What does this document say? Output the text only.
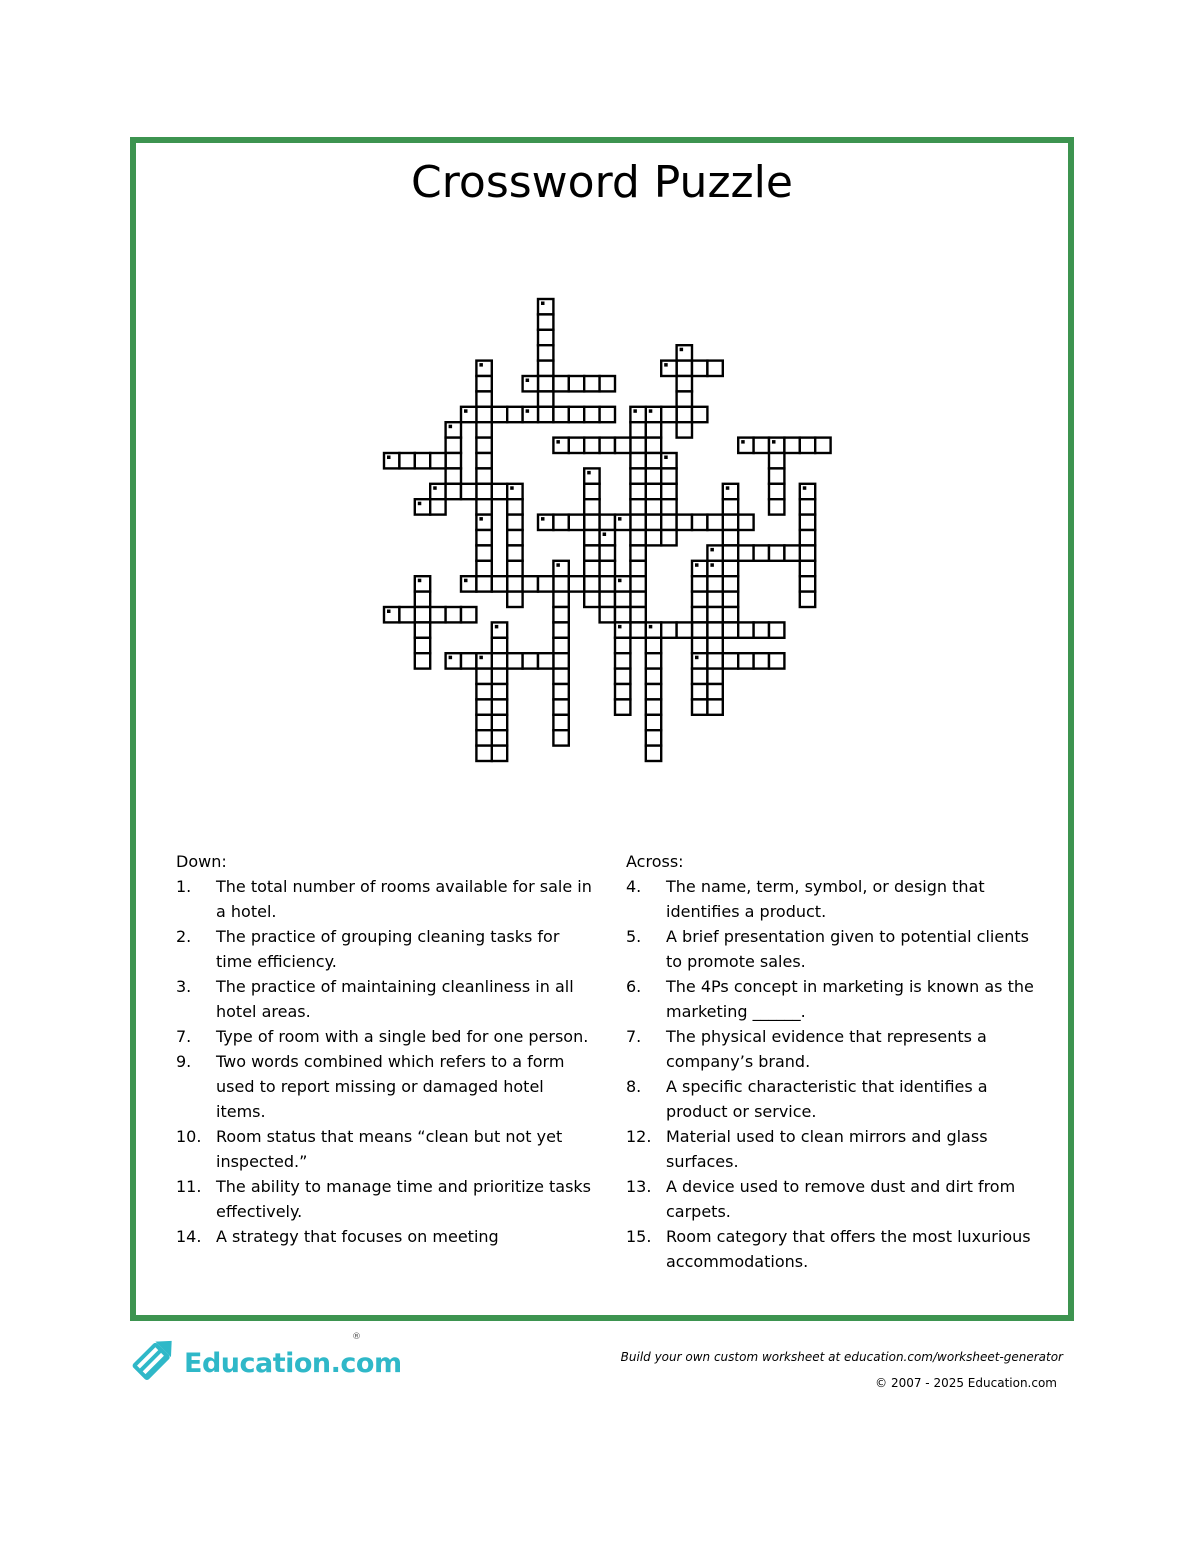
Crossword Puzzle
Down:
1.	The total number of rooms available for sale in a hotel.
2.	The practice of grouping cleaning tasks for time efficiency.
3.	The practice of maintaining cleanliness in all hotel areas.
7.	Type of room with a single bed for one person.
9.	Two words combined which refers to a form used to report missing or damaged hotel items.
10. Room status that means “clean but not yet inspected.”
11. The ability to manage time and prioritize tasks effectively.
14. A strategy that focuses on meeting
Across:
4.	The name, term, symbol, or design that identifies a product.
5.	A brief presentation given to potential clients to promote sales.
6.	The 4Ps concept in marketing is known as the marketing ______.
7.	The physical evidence that represents a company’s brand.
8.	A specific characteristic that identifies a product or service.
12. Material used to clean mirrors and glass surfaces.
13. A device used to remove dust and dirt from carpets.
15. Room category that offers the most luxurious accommodations.
Education.com
®
Build your own custom worksheet at education.com/worksheet-generator
© 2007 - 2025 Education.com
